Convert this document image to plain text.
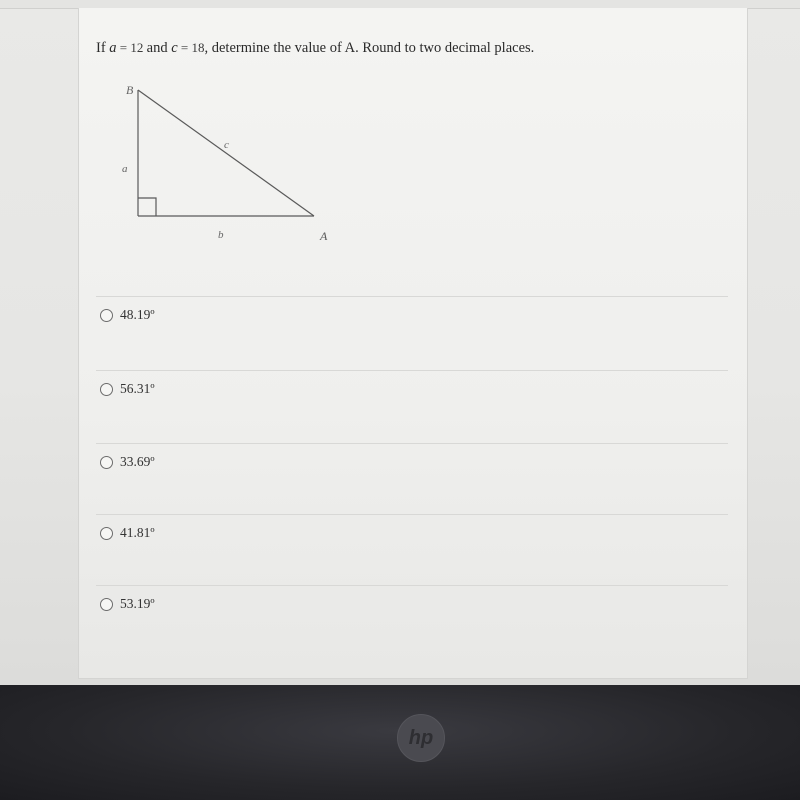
If a = 12 and c = 18, determine the value of A. Round to two decimal places.
B
A
a
b
c
48.19º
56.31º
33.69º
41.81º
53.19º
hp
